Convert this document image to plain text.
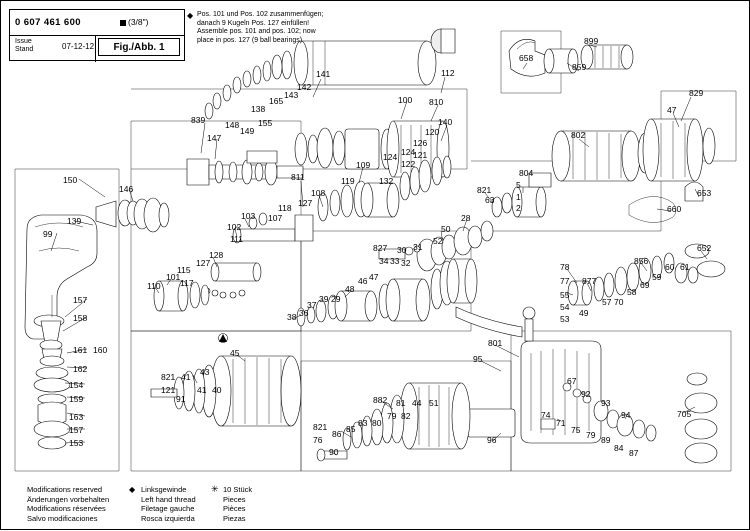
0 607 461 600	(3/8")
Issue
Stand	07-12-12	Fig./Abb. 1
◆ Pos. 101 und Pos. 102 zusammenfügen;
danach 9 Kugeln Pos. 127 einfüllen!
Assemble pos. 101 and pos. 102; now
place in pos. 127 (9 ball bearings)
Modifications reserved
Änderungen vorbehalten
Modifications réservées
Salvo modificaciones
◆ Linksgewinde
Left hand thread
Filetage gauche
Rosca izquierda
✳ 10 Stück
Pieces
Pièces
Piezas
150
146
139
99
157
158
161 160
162
154
159
163
157
153
839
147
148
138
149
155
141
142
143
165	100
112
810
140
120
126
124
124
122
121
109
132
119
108
811
127
118
107
103
102
111
128
115
127
101
110 117
821
121
41 43
41 40
91
45
38 36
37
39 29
48
46 47
827 30 31
34 33 32
52
50
28
821
63
5
1
2
804
802
658
859
899
829
47
653
660
652
856
60 61
57 70
58
69
59
78
77
55
54
53
877
49
801
95
96
882 81 44 51
82
79
80
83
85
86
821
76
90
92
93
94	705
71
74
75 79 89
84 87
67
